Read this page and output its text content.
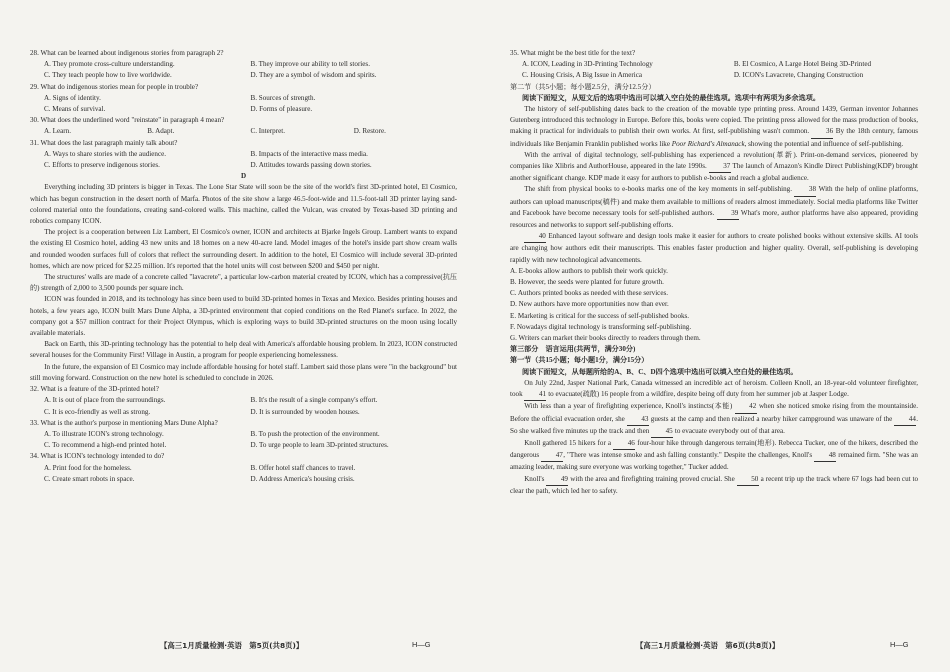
28. What can be learned about indigenous stories from paragraph 2?

A. They promote cross-culture understanding.	B. They improve our ability to tell stories.
C. They teach people how to live worldwide.	D. They are a symbol of wisdom and spirits.

29. What do indigenous stories mean for people in trouble?

A. Signs of identity.	B. Sources of strength.
C. Means of survival.	D. Forms of pleasure.

30. What does the underlined word "reinstate" in paragraph 4 mean?

A. Learn.	B. Adapt.	C. Interpret.	D. Restore.

31. What does the last paragraph mainly talk about?

A. Ways to share stories with the audience.	B. Impacts of the interactive mass media.
C. Efforts to preserve indigenous stories.	D. Attitudes towards passing down stories.

D

Everything including 3D printers is bigger in Texas. The Lone Star State will soon be the site of the world's first 3D-printed hotel, El Cosmico, which has begun construction in the desert north of Marfa. Photos of the site show a large 46.5-foot-wide and 11.5-foot-tall 3D printer laying sand-colored material onto the foundations, creating sand-colored walls. This machine, called the Vulcan, was created by Texas-based 3D printing and robotics company ICON.

The project is a cooperation between Liz Lambert, El Cosmico's owner, ICON and architects at Bjarke Ingels Group. Lambert wants to expand the existing El Cosmico hotel, adding 43 new units and 18 homes on a new 40-acre land. Model images of the hotel's inside part show cream walls and rounded wooden surfaces full of colors that reflect the surrounding desert. In addition to the hotel, El Cosmico will include several 3D-printed homes, which are now priced for $2.25 million. It's reported that the hotel units will cost between $200 and $450 per night.

The structures' walls are made of a concrete called "lavacrete", a particular low-carbon material created by ICON, which has a compressive(抗压的) strength of 2,000 to 3,500 pounds per square inch.

ICON was founded in 2018, and its technology has since been used to build 3D-printed homes in Texas and Mexico. Besides printing houses and hotels, a few years ago, ICON built Mars Dune Alpha, a 3D-printed environment that copied conditions on the Red Planet's surface. In 2022, the company got a $57 million contract for their Project Olympus, which is exploring ways to build 3D-printed structures on the moon using locally available materials.

Back on Earth, this 3D-printing technology has the potential to help deal with America's affordable housing problem. In 2023, ICON constructed several houses for the Community First! Village in Austin, a program for people experiencing homelessness.

In the future, the expansion of El Cosmico may include affordable housing for hotel staff. Lambert said those plans were "in the background" but still moving forward. Construction on the new hotel is scheduled to conclude in 2026.

32. What is a feature of the 3D-printed hotel?

A. It is out of place from the surroundings.	B. It's the result of a single company's effort.
C. It is eco-friendly as well as strong.	D. It is surrounded by wooden houses.

33. What is the author's purpose in mentioning Mars Dune Alpha?

A. To illustrate ICON's strong technology.	B. To push the protection of the environment.
C. To recommend a high-end printed hotel.	D. To urge people to learn 3D-printed structures.

34. What is ICON's technology intended to do?

A. Print food for the homeless.	B. Offer hotel staff chances to travel.
C. Create smart robots in space.	D. Address America's housing crisis.
【高三1月质量检测·英语　第5页(共8页)】	H—G

35. What might be the best title for the text?

A. ICON, Leading in 3D-Printing Technology	B. El Cosmico, A Large Hotel Being 3D-Printed
C. Housing Crisis, A Big Issue in America	D. ICON's Lavacrete, Changing Construction

第二节（共5小题；每小题2.5分，满分12.5分）

阅读下面短文，从短文后的选项中选出可以填入空白处的最佳选项。选项中有两项为多余选项。

The history of self-publishing dates back to the creation of the movable type printing press. Around 1439, German inventor Johannes Gutenberg introduced this technology in Europe. Before this, books were copied. The printing press allowed for the mass production of books, making it practical for individuals to publish their own works. At first, self-publishing wasn't common. 36 By the 18th century, famous individuals like Benjamin Franklin published works like Poor Richard's Almanack, showing the potential and influence of self-publishing.

With the arrival of digital technology, self-publishing has experienced a revolution(革新). Print-on-demand services, pioneered by companies like Xlibris and AuthorHouse, appeared in the late 1990s. 37 The launch of Amazon's Kindle Direct Publishing(KDP) brought another significant change. KDP made it easy for authors to publish e-books and reach a global audience.

The shift from physical books to e-books marks one of the key moments in self-publishing. 38 With the help of online platforms, authors can upload manuscripts(稿件) and make them available to millions of readers almost immediately. Social media platforms like Twitter and Facebook have become necessary tools for self-published authors. 39 What's more, author platforms have also appeared, providing resources and networks to support self-publishing efforts.

40 Enhanced layout software and design tools make it easier for authors to create polished books without extensive skills. AI tools are changing how authors edit their manuscripts. This enables faster production and higher quality. Overall, self-publishing is developing rapidly with new technological advancements.

A. E-books allow authors to publish their work quickly.

B. However, the seeds were planted for future growth.

C. Authors printed books as needed with these services.

D. New authors have more opportunities now than ever.

E. Marketing is critical for the success of self-published books.

F. Nowadays digital technology is transforming self-publishing.

G. Writers can market their books directly to readers through them.

第三部分　语言运用(共两节，满分30分)

第一节（共15小题；每小题1分，满分15分）

阅读下面短文，从每题所给的A、B、C、D四个选项中选出可以填入空白处的最佳选项。

On July 22nd, Jasper National Park, Canada witnessed an incredible act of heroism. Colleen Knoll, an 18-year-old volunteer firefighter, took 41 to evacuate(疏散) 16 people from a wildfire, despite being off duty from her summer job at Jasper Lodge.

With less than a year of firefighting experience, Knoll's instincts(本能) 42 when she noticed smoke rising from the mountainside. Before the official evacuation order, she 43 guests at the camp and then realized a nearby hiker campground was unaware of the 44. So she walked five minutes up the track and then 45 to evacuate everybody out of that area.

Knoll gathered 15 hikers for a 46 four-hour hike through dangerous terrain(地形). Rebecca Tucker, one of the hikers, described the dangerous 47, "There was intense smoke and ash falling constantly." Despite the challenges, Knoll's 48 remained firm. "She was an amazing leader, making sure everyone was working together," Tucker added.

Knoll's 49 with the area and firefighting training proved crucial. She 50 a recent trip up the track where 67 logs had been cut to clear the path, which led her to safety.

【高三1月质量检测·英语　第6页(共8页)】	H—G
